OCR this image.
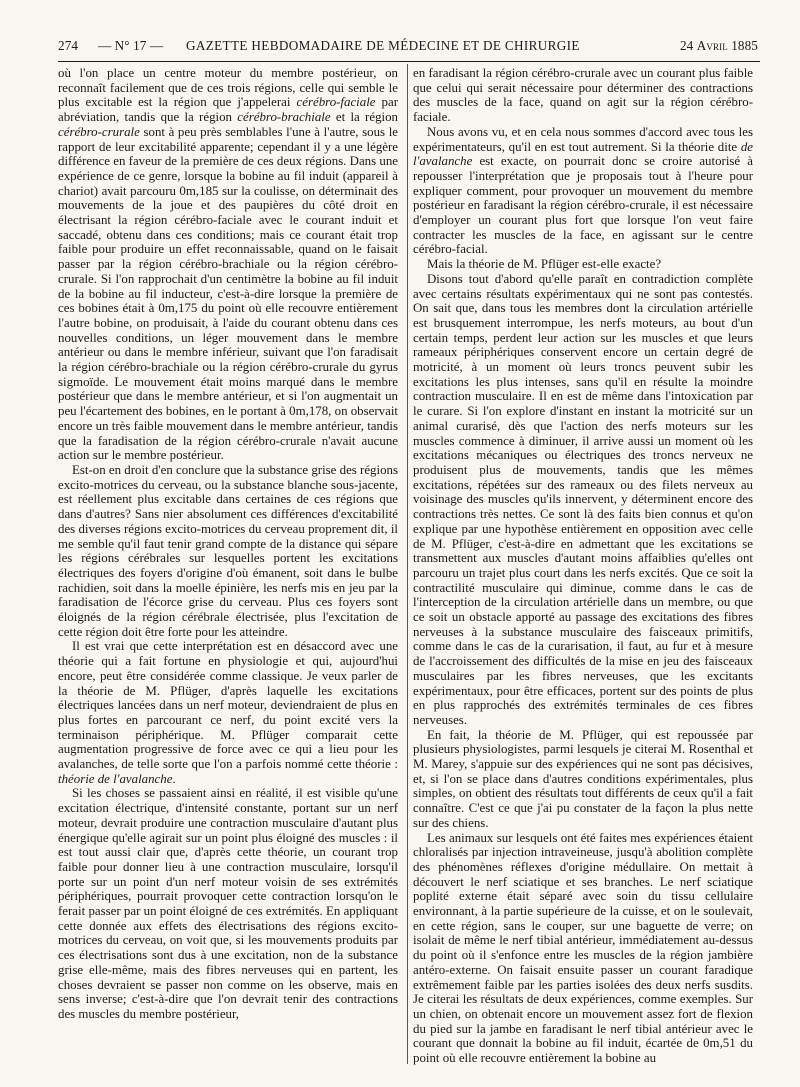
274 — N° 17 — GAZETTE HEBDOMADAIRE DE MÉDECINE ET DE CHIRURGIE	24 Avril 1885

où l'on place un centre moteur du membre postérieur, on reconnaît facilement que de ces trois régions, celle qui semble le plus excitable est la région que j'appelerai cérébro-faciale par abréviation, tandis que la région cérébro-brachiale et la région cérébro-crurale sont à peu près semblables l'une à l'autre, sous le rapport de leur excitabilité apparente; cependant il y a une légère différence en faveur de la première de ces deux régions. Dans une expérience de ce genre, lorsque la bobine au fil induit (appareil à chariot) avait parcouru 0m,185 sur la coulisse, on déterminait des mouvements de la joue et des paupières du côté droit en électrisant la région cérébro-faciale avec le courant induit et saccadé, obtenu dans ces conditions; mais ce courant était trop faible pour produire un effet reconnaissable, quand on le faisait passer par la région cérébro-brachiale ou la région cérébro-crurale. Si l'on rapprochait d'un centimètre la bobine au fil induit de la bobine au fil inducteur, c'est-à-dire lorsque la première de ces bobines était à 0m,175 du point où elle recouvre entièrement l'autre bobine, on produisait, à l'aide du courant obtenu dans ces nouvelles conditions, un léger mouvement dans le membre antérieur ou dans le membre inférieur, suivant que l'on faradisait la région cérébro-brachiale ou la région cérébro-crurale du gyrus sigmoïde. Le mouvement était moins marqué dans le membre postérieur que dans le membre antérieur, et si l'on augmentait un peu l'écartement des bobines, en le portant à 0m,178, on observait encore un très faible mouvement dans le membre antérieur, tandis que la faradisation de la région cérébro-crurale n'avait aucune action sur le membre postérieur.

Est-on en droit d'en conclure que la substance grise des régions excito-motrices du cerveau, ou la substance blanche sous-jacente, est réellement plus excitable dans certaines de ces régions que dans d'autres? Sans nier absolument ces différences d'excitabilité des diverses régions excito-motrices du cerveau proprement dit, il me semble qu'il faut tenir grand compte de la distance qui sépare les régions cérébrales sur lesquelles portent les excitations électriques des foyers d'origine d'où émanent, soit dans le bulbe rachidien, soit dans la moelle épinière, les nerfs mis en jeu par la faradisation de l'écorce grise du cerveau. Plus ces foyers sont éloignés de la région cérébrale électrisée, plus l'excitation de cette région doit être forte pour les atteindre.

Il est vrai que cette interprétation est en désaccord avec une théorie qui a fait fortune en physiologie et qui, aujourd'hui encore, peut être considérée comme classique. Je veux parler de la théorie de M. Pflüger, d'après laquelle les excitations électriques lancées dans un nerf moteur, deviendraient de plus en plus fortes en parcourant ce nerf, du point excité vers la terminaison périphérique. M. Pflüger comparait cette augmentation progressive de force avec ce qui a lieu pour les avalanches, de telle sorte que l'on a parfois nommé cette théorie : théorie de l'avalanche.

Si les choses se passaient ainsi en réalité, il est visible qu'une excitation électrique, d'intensité constante, portant sur un nerf moteur, devrait produire une contraction musculaire d'autant plus énergique qu'elle agirait sur un point plus éloigné des muscles : il est tout aussi clair que, d'après cette théorie, un courant trop faible pour donner lieu à une contraction musculaire, lorsqu'il porte sur un point d'un nerf moteur voisin de ses extrémités périphériques, pourrait provoquer cette contraction lorsqu'on le ferait passer par un point éloigné de ces extrémités. En appliquant cette donnée aux effets des électrisations des régions excito-motrices du cerveau, on voit que, si les mouvements produits par ces électrisations sont dus à une excitation, non de la substance grise elle-même, mais des fibres nerveuses qui en partent, les choses devraient se passer non comme on les observe, mais en sens inverse; c'est-à-dire que l'on devrait tenir des contractions des muscles du membre postérieur,

en faradisant la région cérébro-crurale avec un courant plus faible que celui qui serait nécessaire pour déterminer des contractions des muscles de la face, quand on agit sur la région cérébro-faciale.

Nous avons vu, et en cela nous sommes d'accord avec tous les expérimentateurs, qu'il en est tout autrement. Si la théorie dite de l'avalanche est exacte, on pourrait donc se croire autorisé à repousser l'interprétation que je proposais tout à l'heure pour expliquer comment, pour provoquer un mouvement du membre postérieur en faradisant la région cérébro-crurale, il est nécessaire d'employer un courant plus fort que lorsque l'on veut faire contracter les muscles de la face, en agissant sur le centre cérébro-facial.

Mais la théorie de M. Pflüger est-elle exacte?

Disons tout d'abord qu'elle paraît en contradiction complète avec certains résultats expérimentaux qui ne sont pas contestés. On sait que, dans tous les membres dont la circulation artérielle est brusquement interrompue, les nerfs moteurs, au bout d'un certain temps, perdent leur action sur les muscles et que leurs rameaux périphériques conservent encore un certain degré de motricité, à un moment où leurs troncs peuvent subir les excitations les plus intenses, sans qu'il en résulte la moindre contraction musculaire. Il en est de même dans l'intoxication par le curare. Si l'on explore d'instant en instant la motricité sur un animal curarisé, dès que l'action des nerfs moteurs sur les muscles commence à diminuer, il arrive aussi un moment où les excitations mécaniques ou électriques des troncs nerveux ne produisent plus de mouvements, tandis que les mêmes excitations, répétées sur des rameaux ou des filets nerveux au voisinage des muscles qu'ils innervent, y déterminent encore des contractions très nettes. Ce sont là des faits bien connus et qu'on explique par une hypothèse entièrement en opposition avec celle de M. Pflüger, c'est-à-dire en admettant que les excitations se transmettent aux muscles d'autant moins affaiblies qu'elles ont parcouru un trajet plus court dans les nerfs excités. Que ce soit la contractilité musculaire qui diminue, comme dans le cas de l'interception de la circulation artérielle dans un membre, ou que ce soit un obstacle apporté au passage des excitations des fibres nerveuses à la substance musculaire des faisceaux primitifs, comme dans le cas de la curarisation, il faut, au fur et à mesure de l'accroissement des difficultés de la mise en jeu des faisceaux musculaires par les fibres nerveuses, que les excitants expérimentaux, pour être efficaces, portent sur des points de plus en plus rapprochés des extrémités terminales de ces fibres nerveuses.

En fait, la théorie de M. Pflüger, qui est repoussée par plusieurs physiologistes, parmi lesquels je citerai M. Rosenthal et M. Marey, s'appuie sur des expériences qui ne sont pas décisives, et, si l'on se place dans d'autres conditions expérimentales, plus simples, on obtient des résultats tout différents de ceux qu'il a fait connaître. C'est ce que j'ai pu constater de la façon la plus nette sur des chiens.

Les animaux sur lesquels ont été faites mes expériences étaient chloralisés par injection intraveineuse, jusqu'à abolition complète des phénomènes réflexes d'origine médullaire. On mettait à découvert le nerf sciatique et ses branches. Le nerf sciatique poplité externe était séparé avec soin du tissu cellulaire environnant, à la partie supérieure de la cuisse, et on le soulevait, en cette région, sans le couper, sur une baguette de verre; on isolait de même le nerf tibial antérieur, immédiatement au-dessus du point où il s'enfonce entre les muscles de la région jambière antéro-externe. On faisait ensuite passer un courant faradique extrêmement faible par les parties isolées des deux nerfs susdits. Je citerai les résultats de deux expériences, comme exemples. Sur un chien, on obtenait encore un mouvement assez fort de flexion du pied sur la jambe en faradisant le nerf tibial antérieur avec le courant que donnait la bobine au fil induit, écartée de 0m,51 du point où elle recouvre entièrement la bobine au
